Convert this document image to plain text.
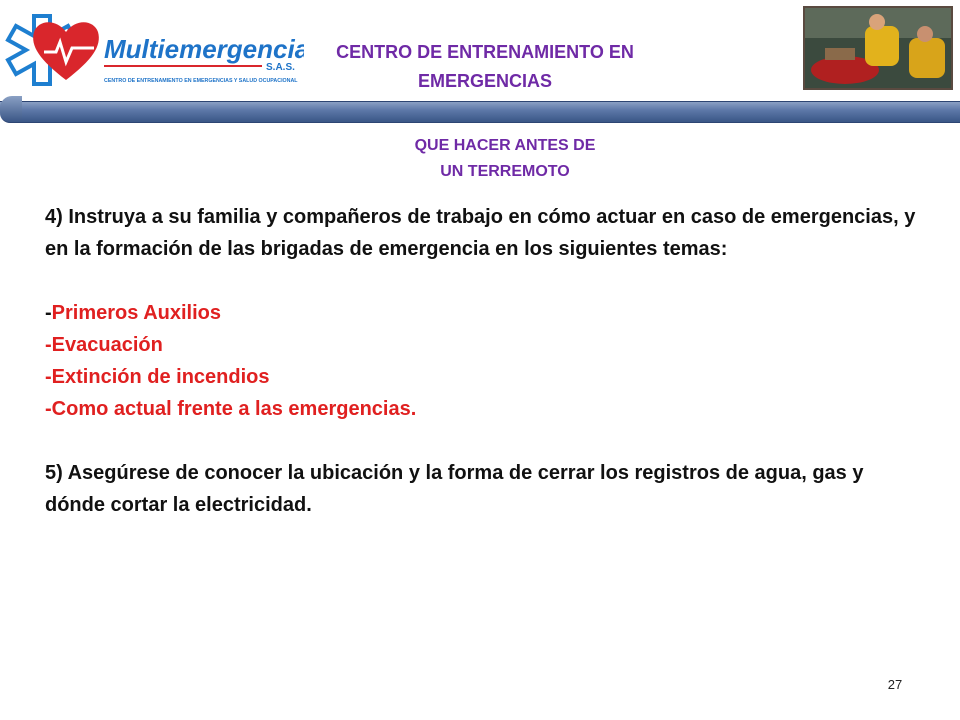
Multiemergencias
S.A.S.
CENTRO DE ENTRENAMIENTO EN EMERGENCIAS Y SALUD OCUPACIONAL
CENTRO DE ENTRENAMIENTO EN
EMERGENCIAS
QUE HACER ANTES DE
UN TERREMOTO

4) Instruya a su familia y compañeros de trabajo en cómo actuar en caso de emergencias, y en la formación de las brigadas de emergencia en los siguientes temas:

-Primeros Auxilios

-Evacuación

-Extinción de incendios

-Como actual frente a las emergencias.

5) Asegúrese de conocer la ubicación y la forma de cerrar los registros de agua, gas y dónde cortar la electricidad.

27
